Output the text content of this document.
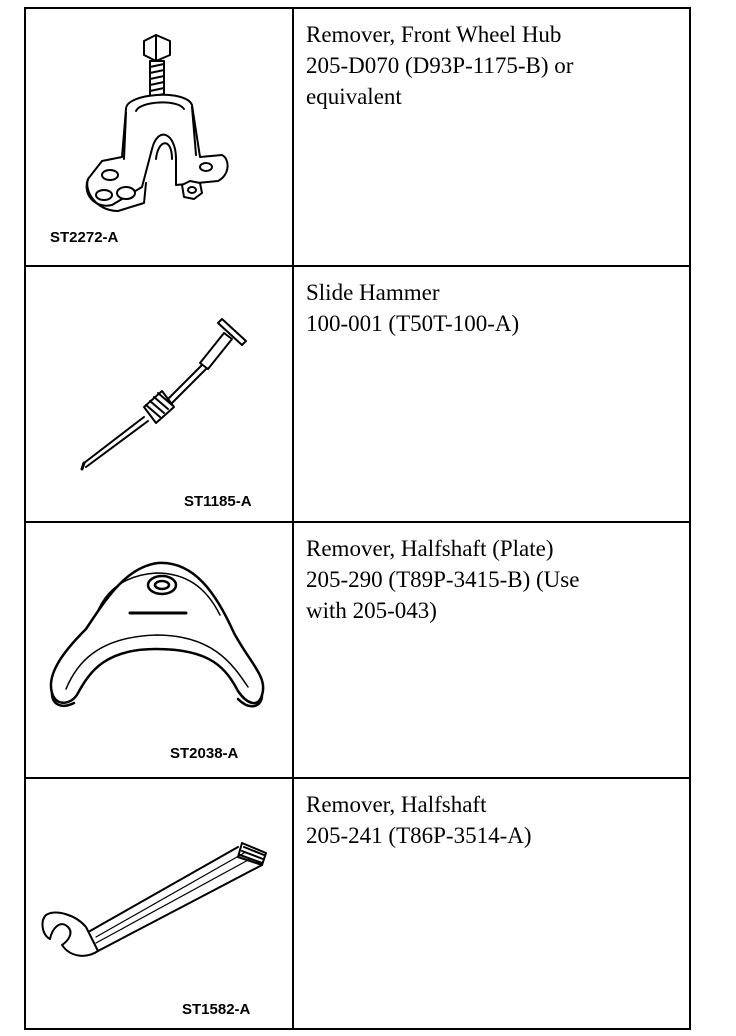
ST2272-A
Remover, Front Wheel Hub
205-D070 (D93P-1175-B) or
equivalent
ST1185-A
Slide Hammer
100-001 (T50T-100-A)
ST2038-A
Remover, Halfshaft (Plate)
205-290 (T89P-3415-B) (Use
with 205-043)
ST1582-A
Remover, Halfshaft
205-241 (T86P-3514-A)
